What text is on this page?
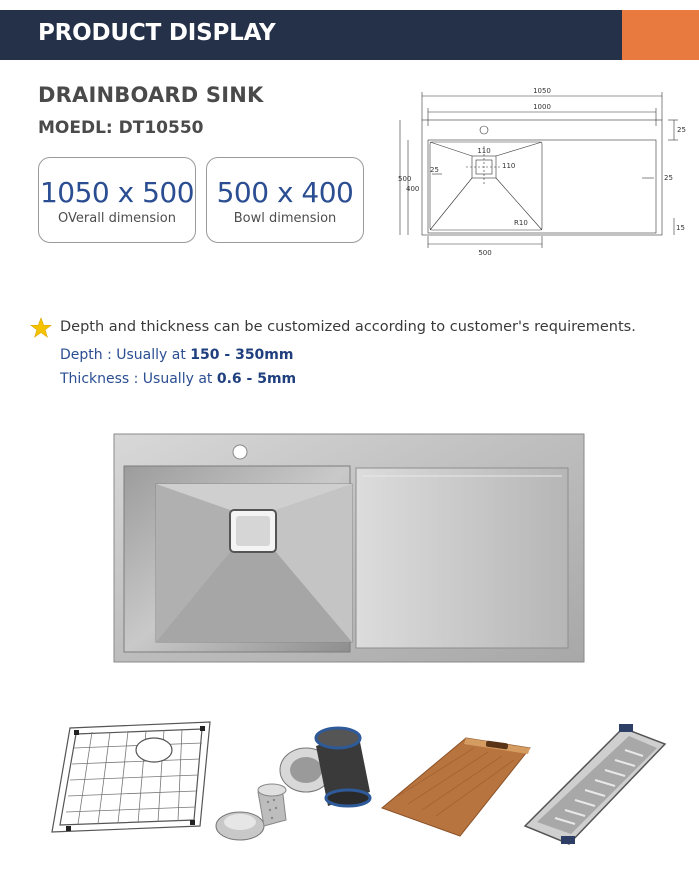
PRODUCT DISPLAY
DRAINBOARD SINK
MOEDL: DT10550
1050 x 500
OVerall dimension
500 x 400
Bowl dimension
1050
1000
25
110
110
25
25
500
400
R10
15
500
Depth and thickness can be customized according to customer's requirements.
Depth : Usually at 150 - 350mm
Thickness : Usually at 0.6 - 5mm
